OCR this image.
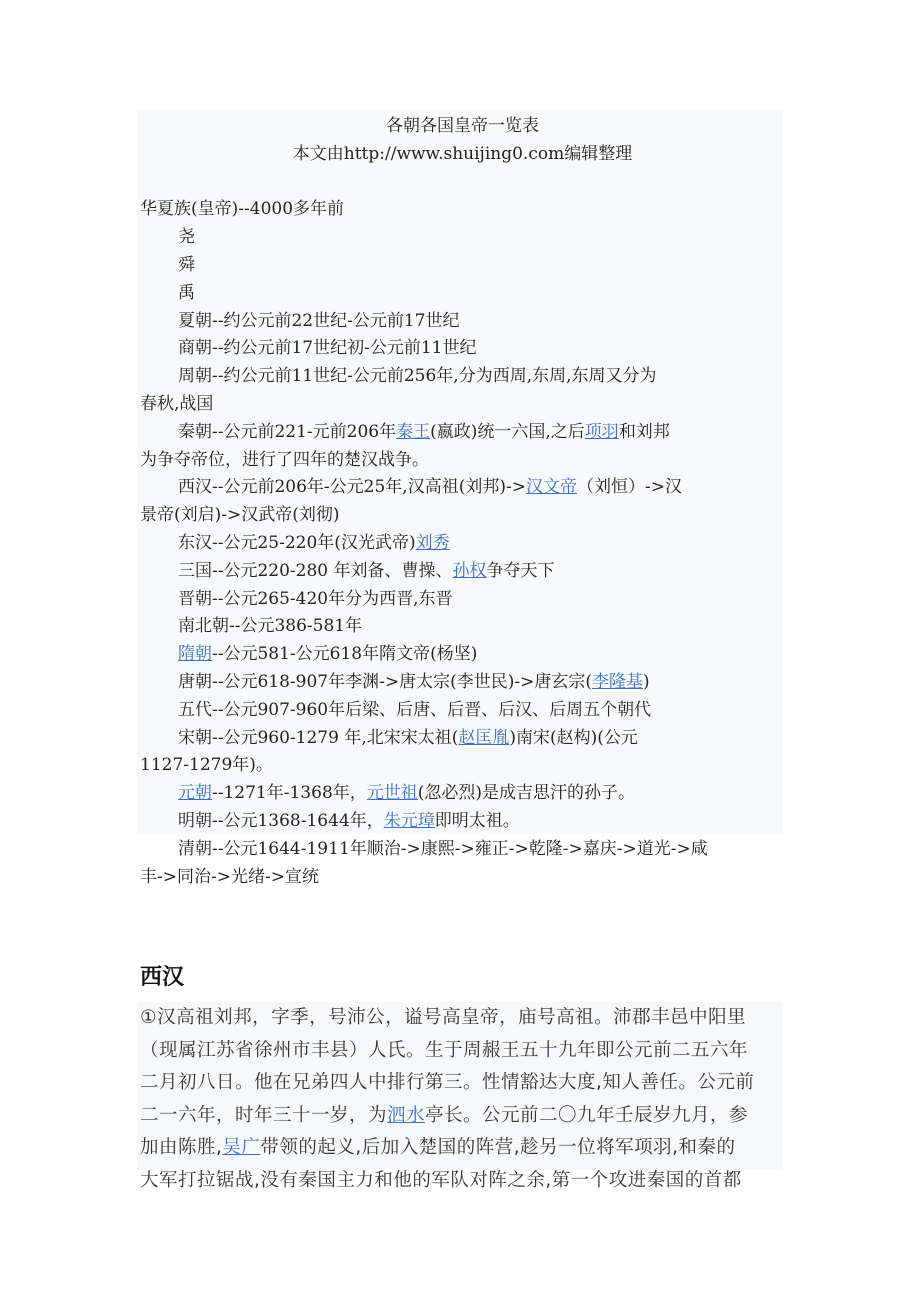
各朝各国皇帝一览表
本文由http://www.shuijing0.com编辑整理
华夏族(皇帝)--4000多年前
尧
舜
禹
夏朝--约公元前22世纪-公元前17世纪
商朝--约公元前17世纪初-公元前11世纪
周朝--约公元前11世纪-公元前256年,分为西周,东周,东周又分为
春秋,战国
秦朝--公元前221-元前206年秦王(嬴政)统一六国,之后项羽和刘邦
为争夺帝位，进行了四年的楚汉战争。
西汉--公元前206年-公元25年,汉高祖(刘邦)->汉文帝（刘恒）->汉
景帝(刘启)->汉武帝(刘彻)
东汉--公元25-220年(汉光武帝)刘秀
三国--公元220-280 年刘备、曹操、孙权争夺天下
晋朝--公元265-420年分为西晋,东晋
南北朝--公元386-581年
隋朝--公元581-公元618年隋文帝(杨坚)
唐朝--公元618-907年李渊->唐太宗(李世民)->唐玄宗(李隆基)
五代--公元907-960年后梁、后唐、后晋、后汉、后周五个朝代
宋朝--公元960-1279 年,北宋宋太祖(赵匡胤)南宋(赵构)(公元
1127-1279年)。
元朝--1271年-1368年，元世祖(忽必烈)是成吉思汗的孙子。
明朝--公元1368-1644年，朱元璋即明太祖。
清朝--公元1644-1911年顺治->康熙->雍正->乾隆->嘉庆->道光->咸
丰->同治->光绪->宣统
西汉
①汉高祖刘邦，字季，号沛公，谥号高皇帝，庙号高祖。沛郡丰邑中阳里
（现属江苏省徐州市丰县）人氏。生于周赧王五十九年即公元前二五六年
二月初八日。他在兄弟四人中排行第三。性情豁达大度,知人善任。公元前
二一六年，时年三十一岁，为泗水亭长。公元前二〇九年壬辰岁九月，参
加由陈胜,吴广带领的起义,后加入楚国的阵营,趁另一位将军项羽,和秦的
大军打拉锯战,没有秦国主力和他的军队对阵之余,第一个攻进秦国的首都
